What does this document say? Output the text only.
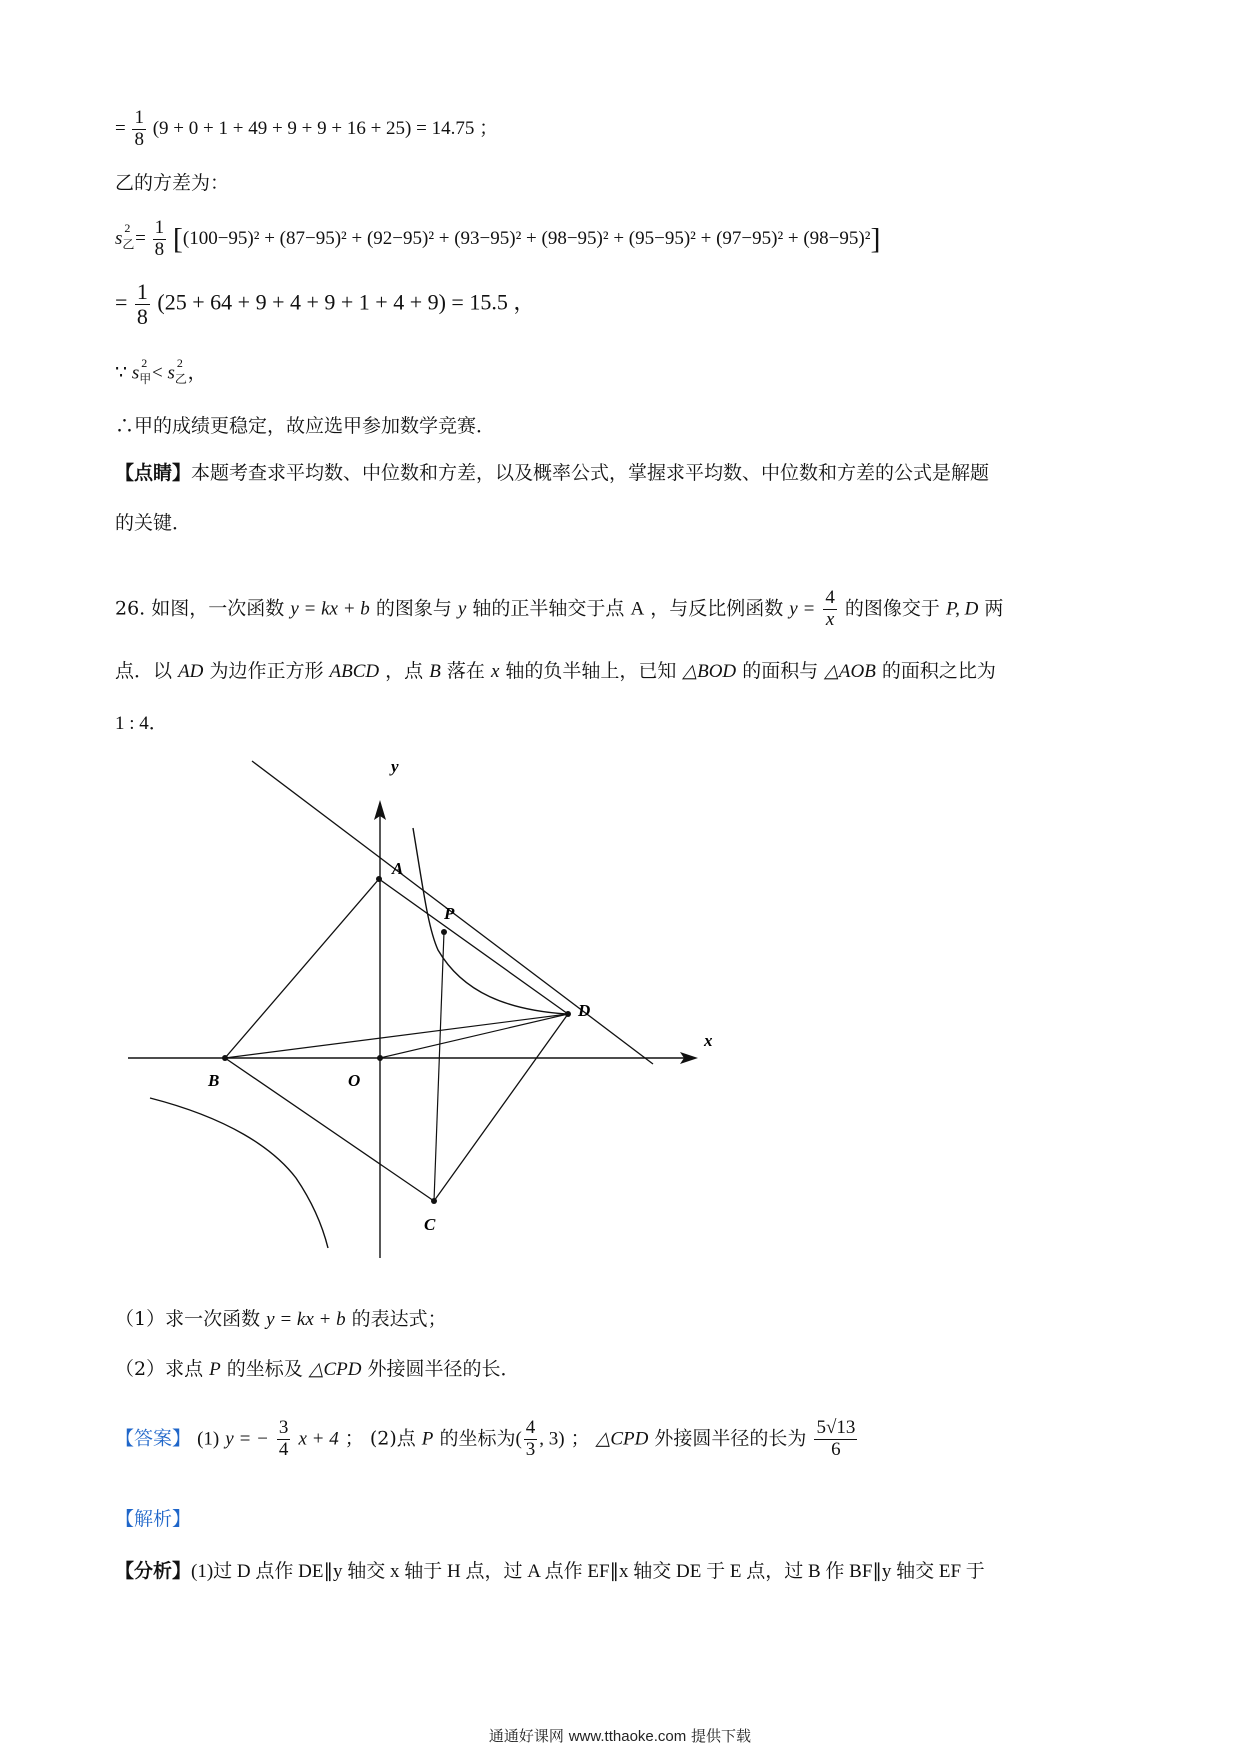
= $\frac{1}{8} (9 + 0 + 1 + 49 + 9 + 9 + 16 + 25) = 14.75$ ；
乙的方差为：
$s_乙^2 = \frac{1}{8} [(100-95)^2 + (87-95)^2 + (92-95)^2 + (93-95)^2 + (98-95)^2 + (95-95)^2 + (97-95)^2 + (98-95)^2]$
= $\frac{1}{8} (25 + 64 + 9 + 4 + 9 + 1 + 4 + 9) = 15.5$ ，
∵ $s_甲^2 < s_乙^2$ ，
∴甲的成绩更稳定，故应选甲参加数学竞赛．
【点睛】本题考查求平均数、中位数和方差，以及概率公式，掌握求平均数、中位数和方差的公式是解题
的关键．
26. 如图，一次函数 y = kx + b 的图象与 y 轴的正半轴交于点 A ，与反比例函数 $y = \frac{4}{x}$ 的图像交于 P, D 两
点．以 AD 为边作正方形 ABCD ，点 B 落在 x 轴的负半轴上，已知 △BOD 的面积与 △AOB 的面积之比为
1 : 4．
y
x
A
P
D
B	O
C
（1）求一次函数 y = kx + b 的表达式；
（2）求点 P 的坐标及 △CPD 外接圆半径的长．
【答案】 (1) y = − $\frac{3}{4}$ x + 4 ； (2)点 P 的坐标为( $\frac{4}{3}$ , 3) ； △CPD 外接圆半径的长为 $\frac{5√13}{6}$
【解析】
【分析】(1)过 D 点作 DE∥y 轴交 x 轴于 H 点，过 A 点作 EF∥x 轴交 DE 于 E 点，过 B 作 BF∥y 轴交 EF 于
通通好课网 www.tthaoke.com 提供下载
